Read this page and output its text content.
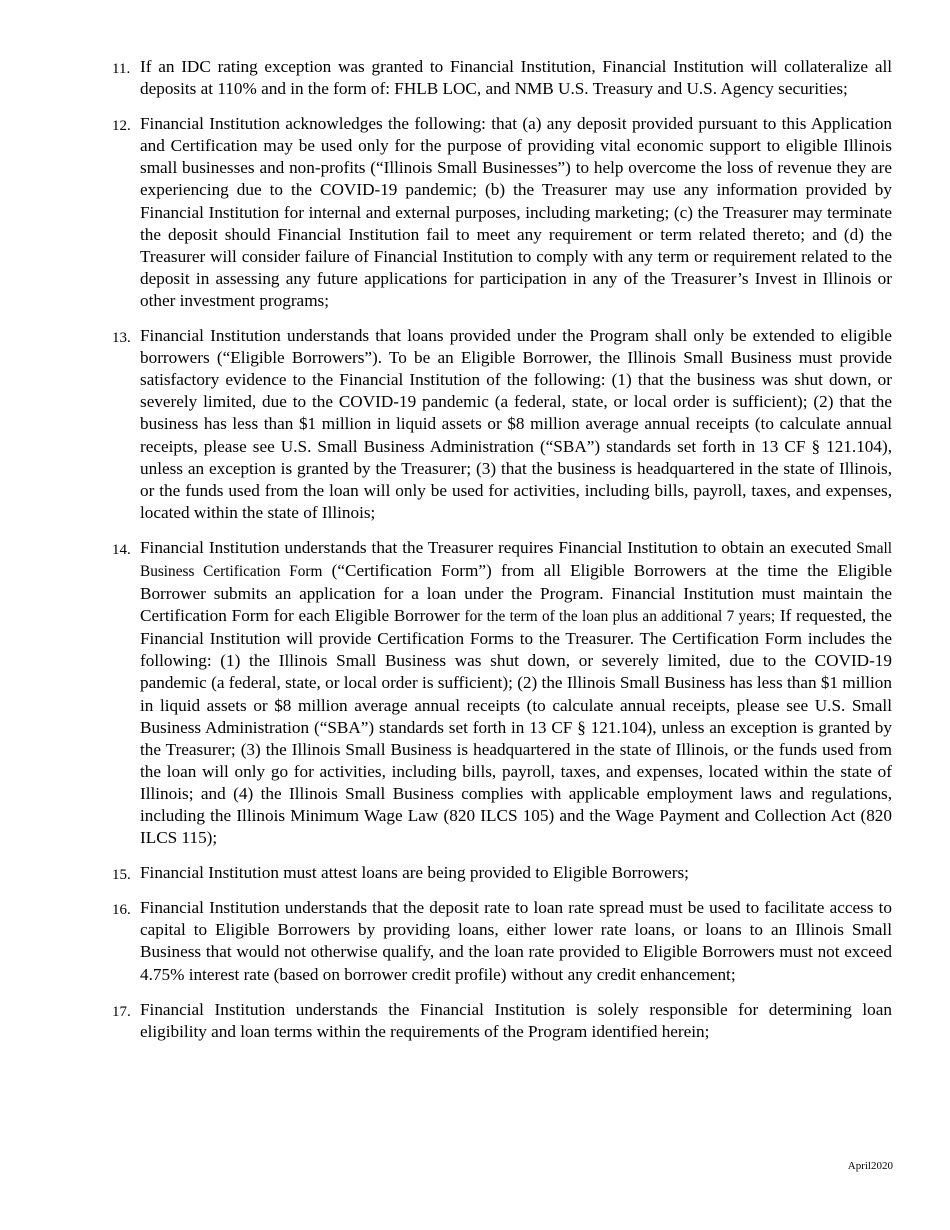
11. If an IDC rating exception was granted to Financial Institution, Financial Institution will collateralize all deposits at 110% and in the form of: FHLB LOC, and NMB U.S. Treasury and U.S. Agency securities;
12. Financial Institution acknowledges the following: that (a) any deposit provided pursuant to this Application and Certification may be used only for the purpose of providing vital economic support to eligible Illinois small businesses and non-profits (“Illinois Small Businesses”) to help overcome the loss of revenue they are experiencing due to the COVID-19 pandemic; (b) the Treasurer may use any information provided by Financial Institution for internal and external purposes, including marketing; (c) the Treasurer may terminate the deposit should Financial Institution fail to meet any requirement or term related thereto; and (d) the Treasurer will consider failure of Financial Institution to comply with any term or requirement related to the deposit in assessing any future applications for participation in any of the Treasurer’s Invest in Illinois or other investment programs;
13. Financial Institution understands that loans provided under the Program shall only be extended to eligible borrowers (“Eligible Borrowers”). To be an Eligible Borrower, the Illinois Small Business must provide satisfactory evidence to the Financial Institution of the following: (1) that the business was shut down, or severely limited, due to the COVID-19 pandemic (a federal, state, or local order is sufficient); (2) that the business has less than $1 million in liquid assets or $8 million average annual receipts (to calculate annual receipts, please see U.S. Small Business Administration (“SBA”) standards set forth in 13 CF § 121.104), unless an exception is granted by the Treasurer; (3) that the business is headquartered in the state of Illinois, or the funds used from the loan will only be used for activities, including bills, payroll, taxes, and expenses, located within the state of Illinois;
14. Financial Institution understands that the Treasurer requires Financial Institution to obtain an executed Small Business Certification Form (“Certification Form”) from all Eligible Borrowers at the time the Eligible Borrower submits an application for a loan under the Program. Financial Institution must maintain the Certification Form for each Eligible Borrower for the term of the loan plus an additional 7 years; If requested, the Financial Institution will provide Certification Forms to the Treasurer. The Certification Form includes the following: (1) the Illinois Small Business was shut down, or severely limited, due to the COVID-19 pandemic (a federal, state, or local order is sufficient); (2) the Illinois Small Business has less than $1 million in liquid assets or $8 million average annual receipts (to calculate annual receipts, please see U.S. Small Business Administration (“SBA”) standards set forth in 13 CF § 121.104), unless an exception is granted by the Treasurer; (3) the Illinois Small Business is headquartered in the state of Illinois, or the funds used from the loan will only go for activities, including bills, payroll, taxes, and expenses, located within the state of Illinois; and (4) the Illinois Small Business complies with applicable employment laws and regulations, including the Illinois Minimum Wage Law (820 ILCS 105) and the Wage Payment and Collection Act (820 ILCS 115);
15. Financial Institution must attest loans are being provided to Eligible Borrowers;
16. Financial Institution understands that the deposit rate to loan rate spread must be used to facilitate access to capital to Eligible Borrowers by providing loans, either lower rate loans, or loans to an Illinois Small Business that would not otherwise qualify, and the loan rate provided to Eligible Borrowers must not exceed 4.75% interest rate (based on borrower credit profile) without any credit enhancement;
17. Financial Institution understands the Financial Institution is solely responsible for determining loan eligibility and loan terms within the requirements of the Program identified herein;
April2020
